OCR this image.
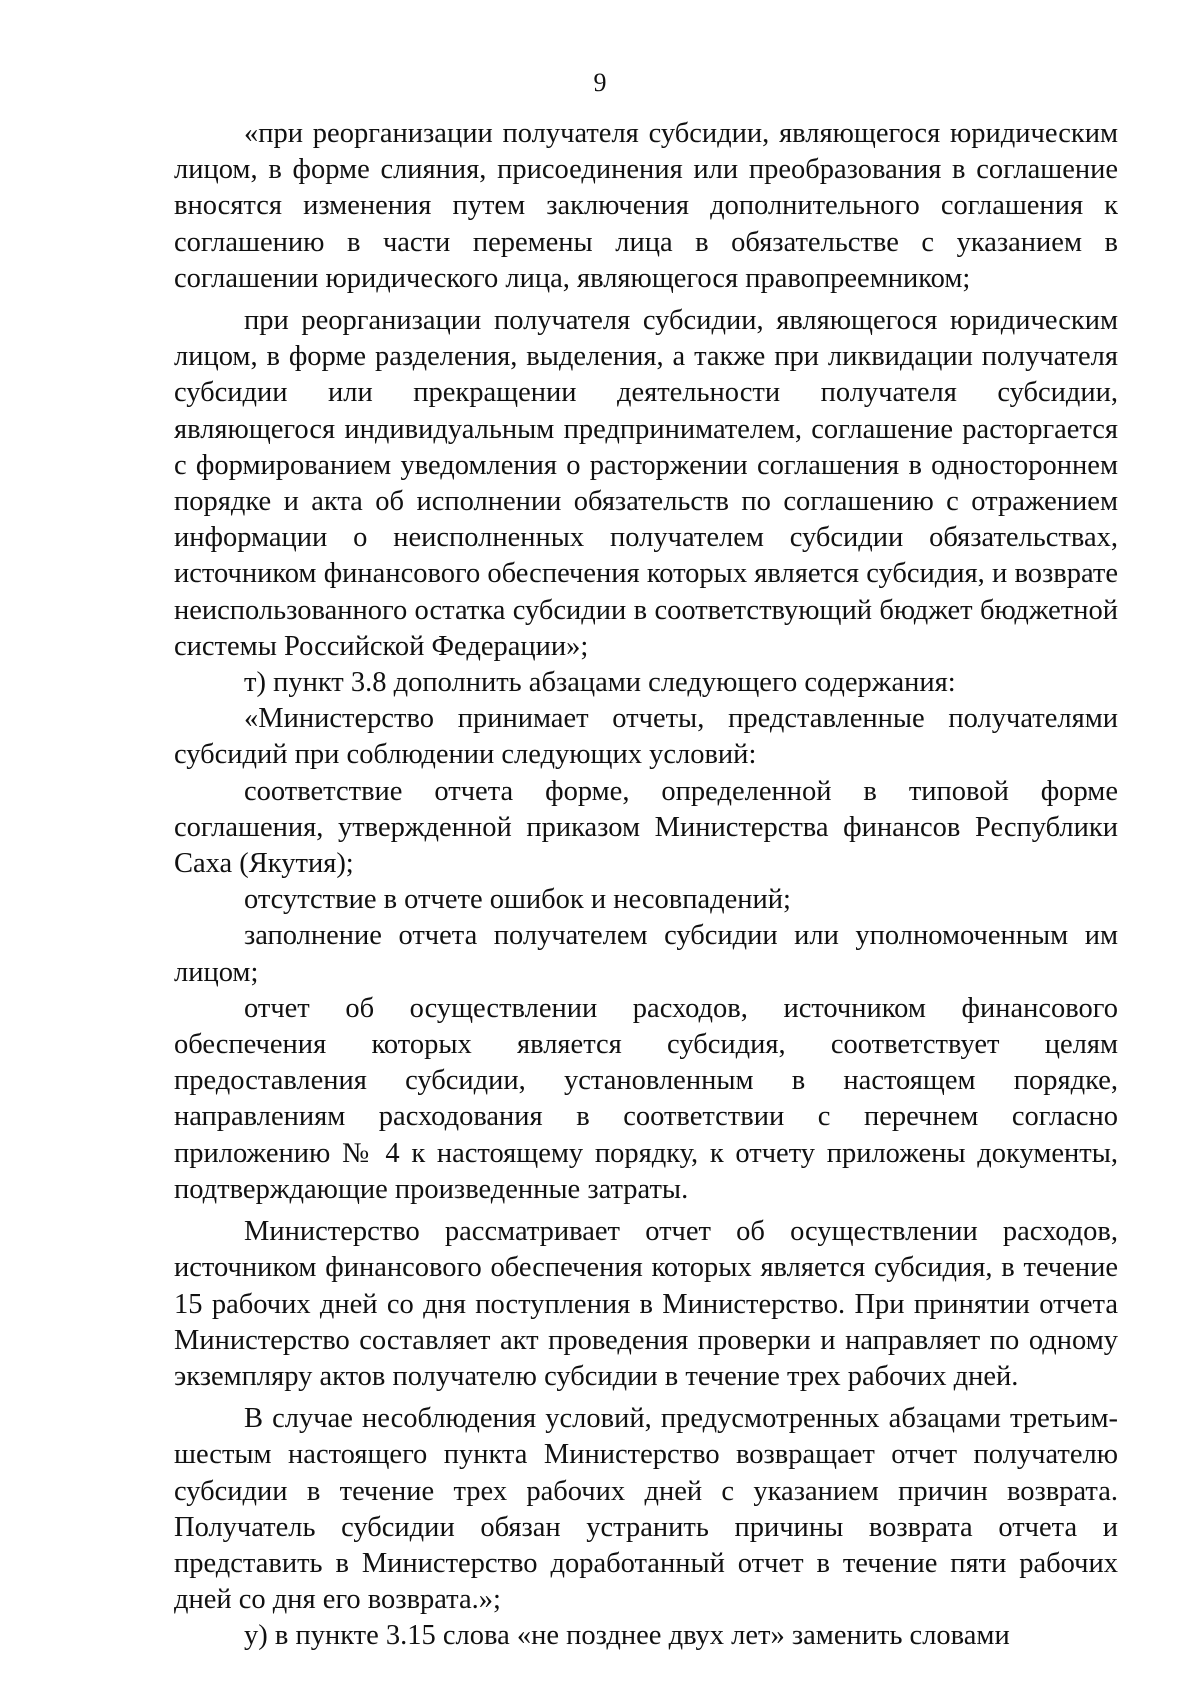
9

«при реорганизации получателя субсидии, являющегося юридическим лицом, в форме слияния, присоединения или преобразования в соглашение вносятся изменения путем заключения дополнительного соглашения к соглашению в части перемены лица в обязательстве с указанием в соглашении юридического лица, являющегося правопреемником;

при реорганизации получателя субсидии, являющегося юридическим лицом, в форме разделения, выделения, а также при ликвидации получателя субсидии или прекращении деятельности получателя субсидии, являющегося индивидуальным предпринимателем, соглашение расторгается с формированием уведомления о расторжении соглашения в одностороннем порядке и акта об исполнении обязательств по соглашению с отражением информации о неисполненных получателем субсидии обязательствах, источником финансового обеспечения которых является субсидия, и возврате неиспользованного остатка субсидии в соответствующий бюджет бюджетной системы Российской Федерации»;

т) пункт 3.8 дополнить абзацами следующего содержания:

«Министерство принимает отчеты, представленные получателями субсидий при соблюдении следующих условий:

соответствие отчета форме, определенной в типовой форме соглашения, утвержденной приказом Министерства финансов Республики Саха (Якутия);

отсутствие в отчете ошибок и несовпадений;

заполнение отчета получателем субсидии или уполномоченным им лицом;

отчет об осуществлении расходов, источником финансового обеспечения которых является субсидия, соответствует целям предоставления субсидии, установленным в настоящем порядке, направлениям расходования в соответствии с перечнем согласно приложению № 4 к настоящему порядку, к отчету приложены документы, подтверждающие произведенные затраты.

Министерство рассматривает отчет об осуществлении расходов, источником финансового обеспечения которых является субсидия, в течение 15 рабочих дней со дня поступления в Министерство. При принятии отчета Министерство составляет акт проведения проверки и направляет по одному экземпляру актов получателю субсидии в течение трех рабочих дней.

В случае несоблюдения условий, предусмотренных абзацами третьим-шестым настоящего пункта Министерство возвращает отчет получателю субсидии в течение трех рабочих дней с указанием причин возврата. Получатель субсидии обязан устранить причины возврата отчета и представить в Министерство доработанный отчет в течение пяти рабочих дней со дня его возврата.»;

у) в пункте 3.15 слова «не позднее двух лет» заменить словами
